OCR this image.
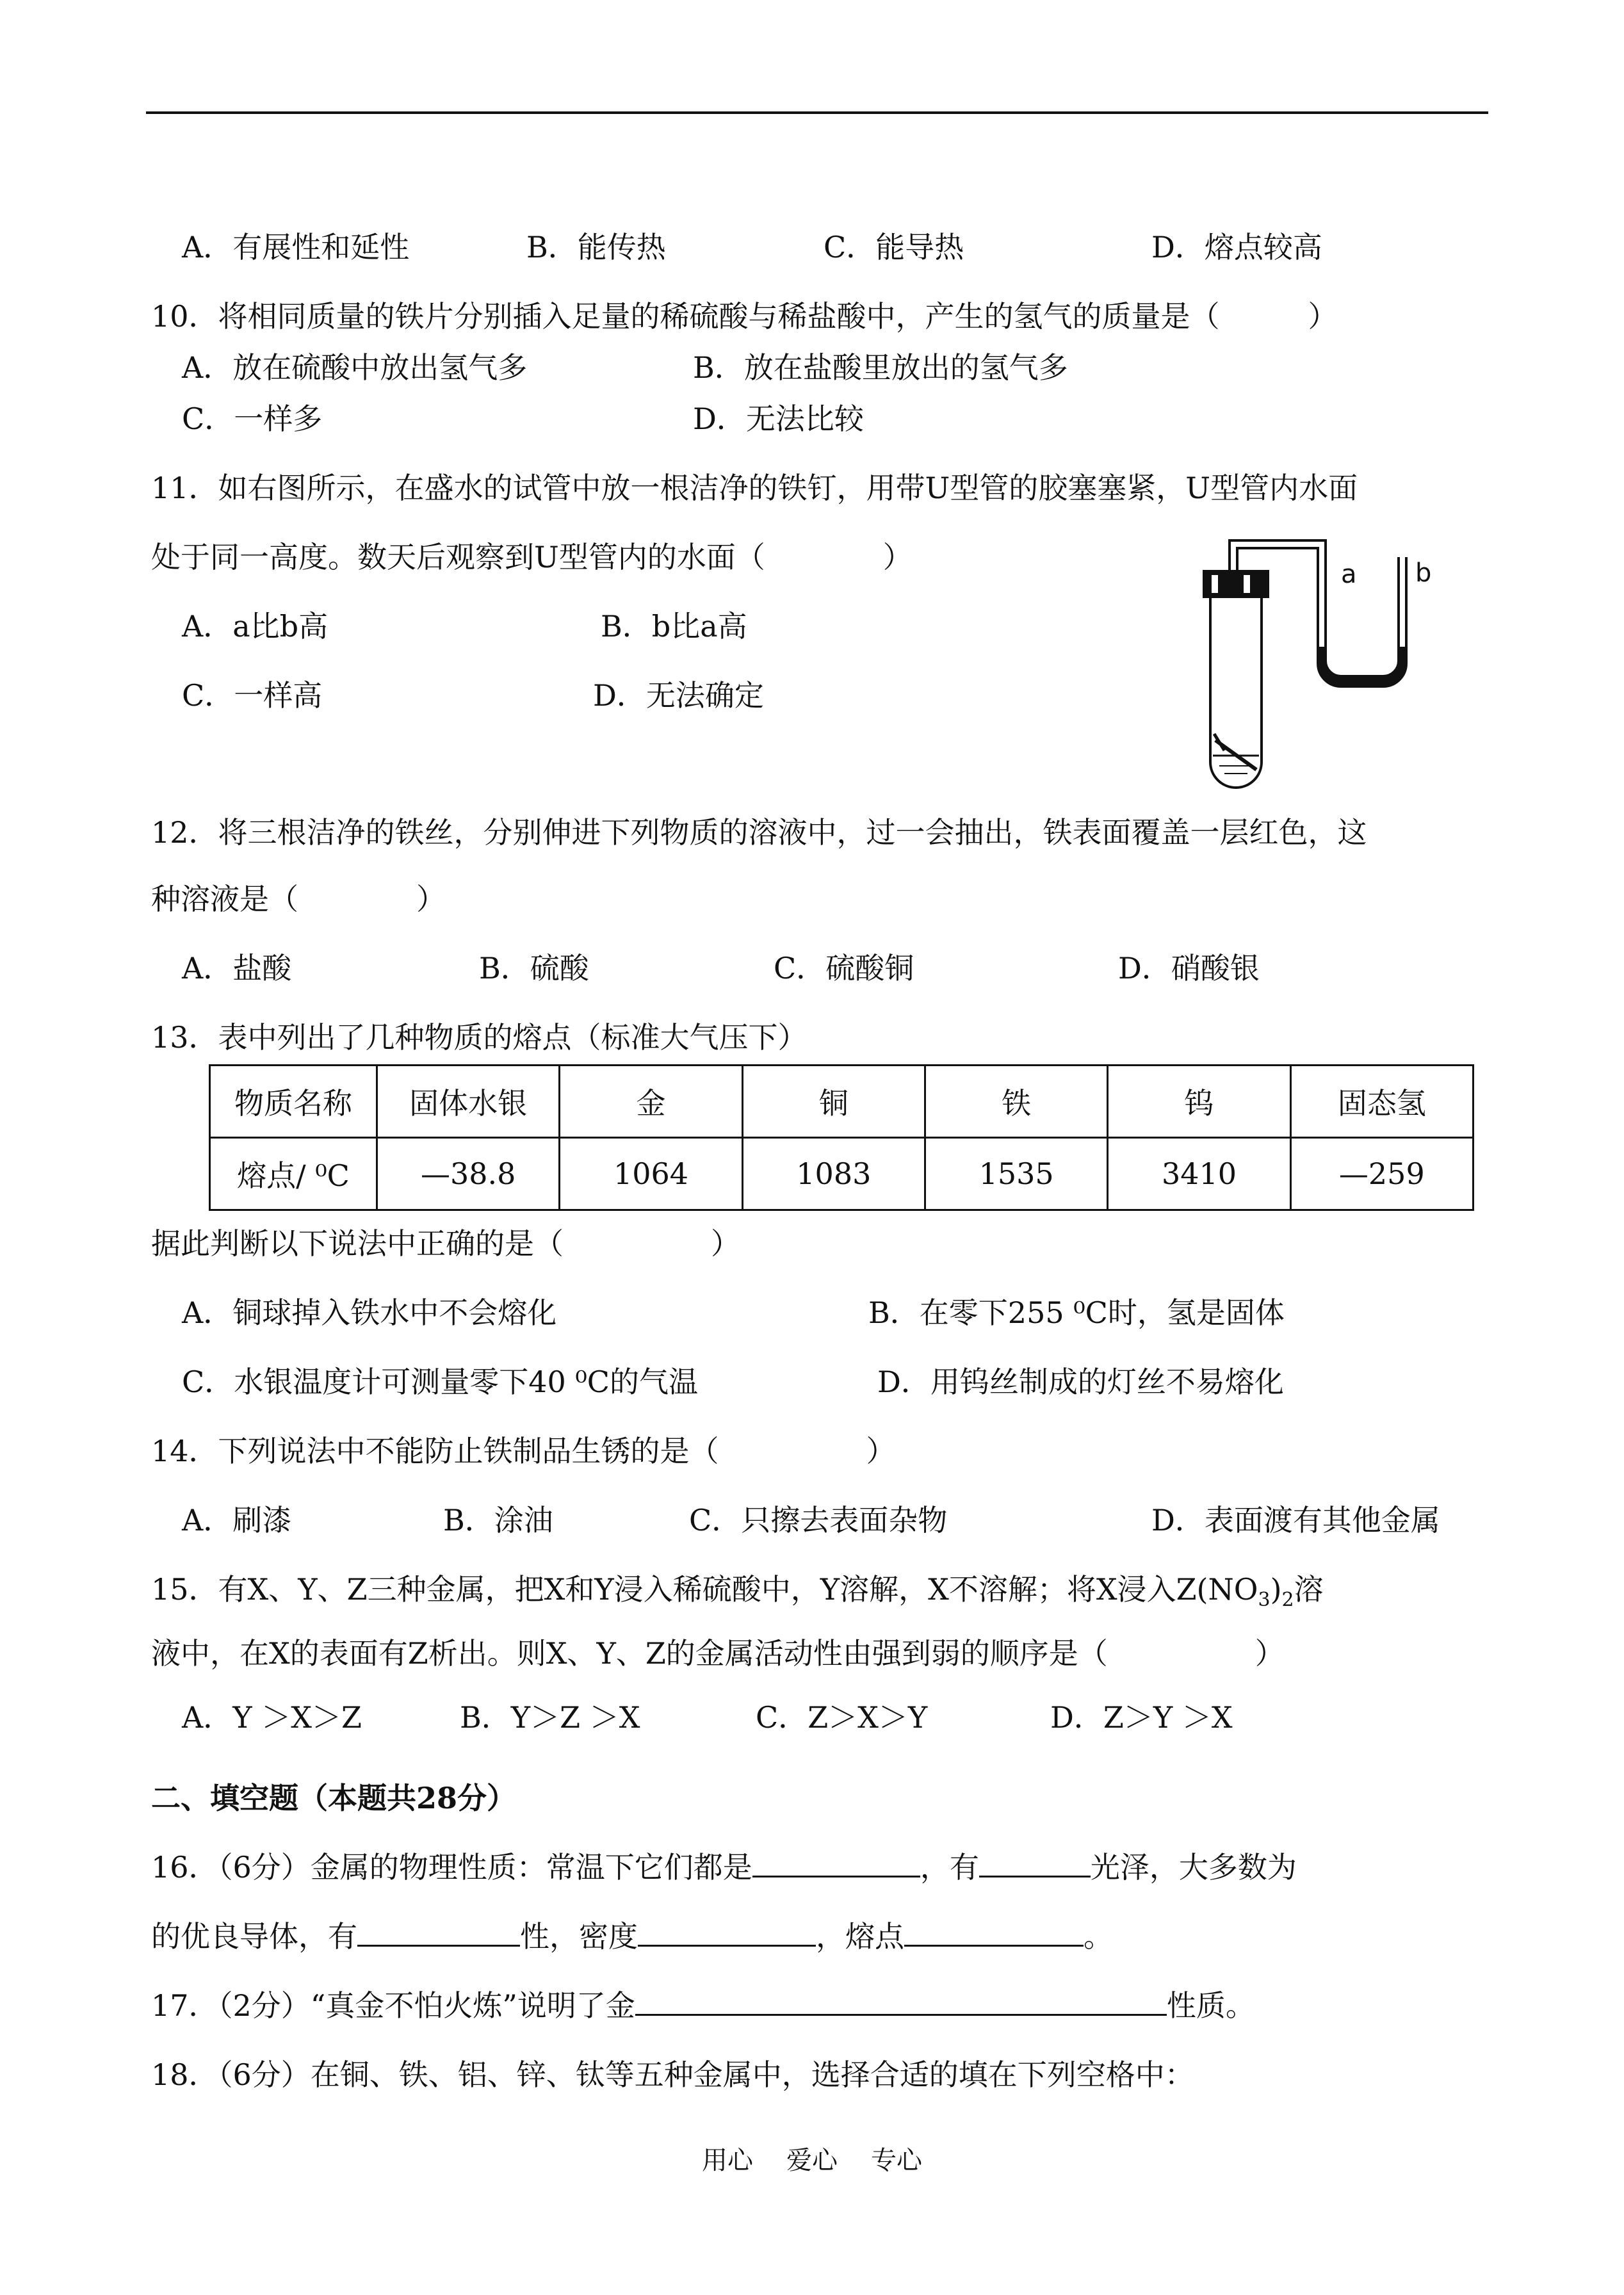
A．有展性和延性	B．能传热	C．能导热	D．熔点较高
10．将相同质量的铁片分别插入足量的稀硫酸与稀盐酸中，产生的氢气的质量是（　　　）
A．放在硫酸中放出氢气多	B．放在盐酸里放出的氢气多
C．一样多	D．无法比较
11．如右图所示，在盛水的试管中放一根洁净的铁钉，用带U型管的胶塞塞紧，U型管内水面
处于同一高度。数天后观察到U型管内的水面（　　　　）
A．a比b高	B．b比a高
C．一样高	D．无法确定
a b
12．将三根洁净的铁丝，分别伸进下列物质的溶液中，过一会抽出，铁表面覆盖一层红色，这
种溶液是（　　　　）
A．盐酸	B．硫酸	C．硫酸铜	D．硝酸银
13．表中列出了几种物质的熔点（标准大气压下）
物质名称	固体水银	金	铜	铁	钨	固态氢
熔点/ ⁰C	—38.8	1064	1083	1535	3410	—259
据此判断以下说法中正确的是（　　　　　）
A．铜球掉入铁水中不会熔化	B．在零下255 ⁰C时，氢是固体
C．水银温度计可测量零下40 ⁰C的气温	D．用钨丝制成的灯丝不易熔化
14．下列说法中不能防止铁制品生锈的是（　　　　　）
A．刷漆	B．涂油	C．只擦去表面杂物	D．表面渡有其他金属
15．有X、Y、Z三种金属，把X和Y浸入稀硫酸中，Y溶解，X不溶解；将X浸入$Z(NO_3)_2$溶
液中，在X的表面有Z析出。则X、Y、Z的金属活动性由强到弱的顺序是（　　　　　）
A．Y ＞X＞Z	B．Y＞Z ＞X	C．Z＞X＞Y	D．Z＞Y ＞X
二、填空题（本题共28分）
16．（6分）金属的物理性质：常温下它们都是	，有	光泽，大多数为
的优良导体，有	性，密度	，熔点	。
17．（2分）“真金不怕火炼”说明了金	性质。
18．（6分）在铜、铁、铝、锌、钛等五种金属中，选择合适的填在下列空格中：
用心 爱心 专心
